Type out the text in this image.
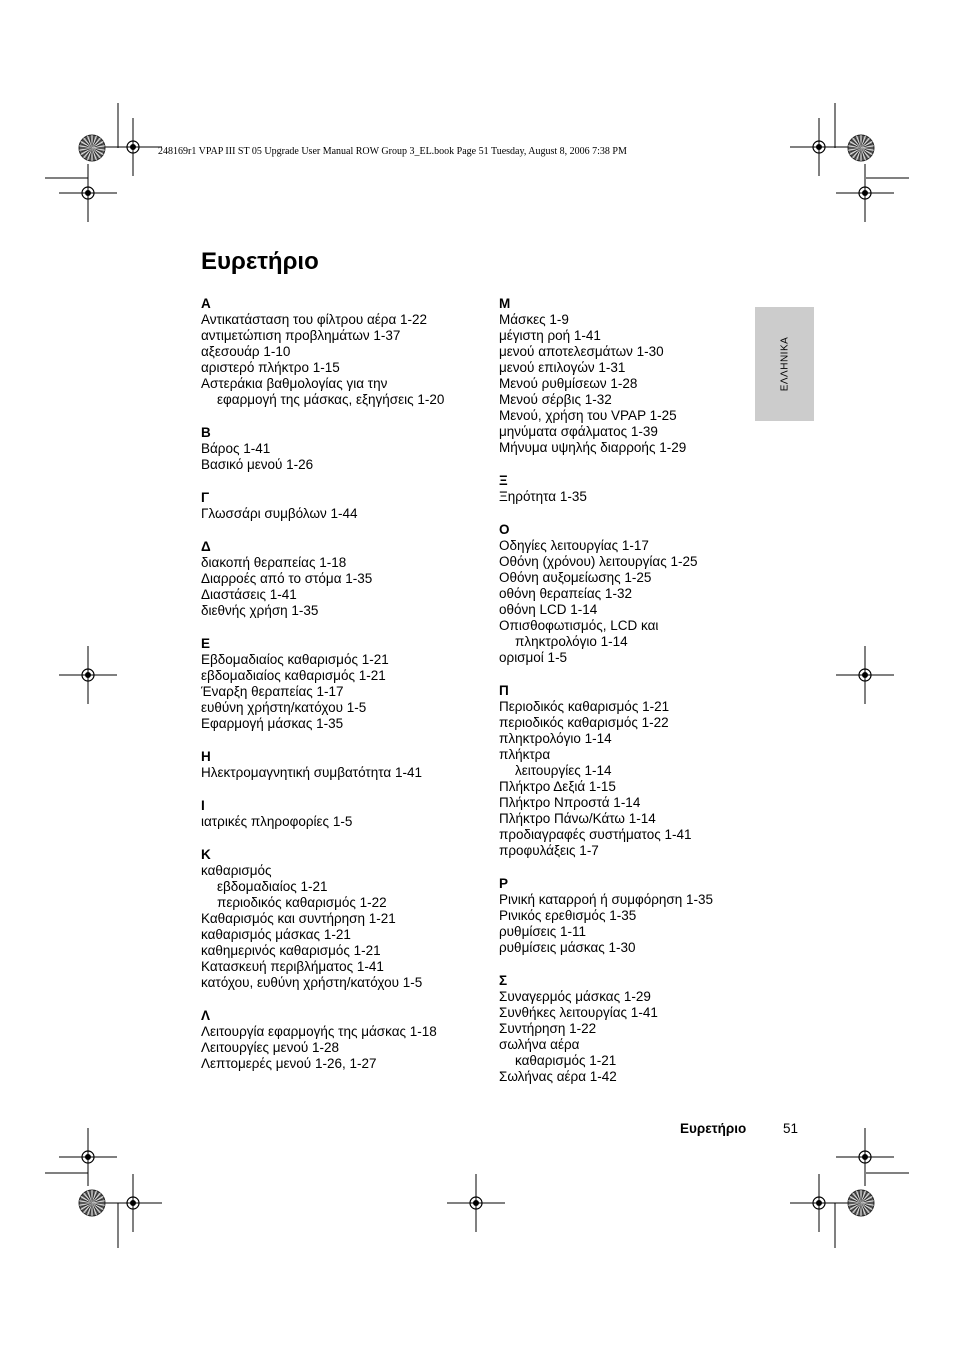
248169r1 VPAP III ST 05 Upgrade User Manual ROW Group 3_EL.book Page 51 Tuesday, August 8, 2006 7:38 PM
Ευρετήριο
Α
Αντικατάσταση του φίλτρου αέρα 1-22
αντιμετώπιση προβλημάτων 1-37
αξεσουάρ 1-10
αριστερό πλήκτρο 1-15
Αστεράκια βαθμολογίας για την
εφαρμογή της μάσκας, εξηγήσεις 1-20
Β
Βάρος 1-41
Βασικό μενού 1-26
Γ
Γλωσσάρι συμβόλων 1-44
Δ
διακοπή θεραπείας 1-18
Διαρροές από το στόμα 1-35
Διαστάσεις 1-41
διεθνής χρήση 1-35
Ε
Εβδομαδιαίος καθαρισμός 1-21
εβδομαδιαίος καθαρισμός 1-21
Έναρξη θεραπείας 1-17
ευθύνη χρήστη/κατόχου 1-5
Εφαρμογή μάσκας 1-35
Η
Ηλεκτρομαγνητική συμβατότητα 1-41
Ι
ιατρικές πληροφορίες 1-5
Κ
καθαρισμός
εβδομαδιαίος 1-21
περιοδικός καθαρισμός 1-22
Καθαρισμός και συντήρηση 1-21
καθαρισμός μάσκας 1-21
καθημερινός καθαρισμός 1-21
Κατασκευή περιβλήματος 1-41
κατόχου, ευθύνη χρήστη/κατόχου 1-5
Λ
Λειτουργία εφαρμογής της μάσκας 1-18
Λειτουργίες μενού 1-28
Λεπτομερές μενού 1-26, 1-27
Μ
Μάσκες 1-9
μέγιστη ροή 1-41
μενού αποτελεσμάτων 1-30
μενού επιλογών 1-31
Μενού ρυθμίσεων 1-28
Μενού σέρβις 1-32
Μενού, χρήση του VPAP 1-25
μηνύματα σφάλματος 1-39
Μήνυμα υψηλής διαρροής 1-29
Ξ
Ξηρότητα 1-35
Ο
Οδηγίες λειτουργίας 1-17
Οθόνη (χρόνου) λειτουργίας 1-25
Οθόνη αυξομείωσης 1-25
οθόνη θεραπείας 1-32
οθόνη LCD 1-14
Οπισθοφωτισμός, LCD και
πληκτρολόγιο 1-14
ορισμοί 1-5
Π
Περιοδικός καθαρισμός 1-21
περιοδικός καθαρισμός 1-22
πληκτρολόγιο 1-14
πλήκτρα
λειτουργίες 1-14
Πλήκτρο Δεξιά 1-15
Πλήκτρο Νπροστά 1-14
Πλήκτρο Πάνω/Κάτω 1-14
προδιαγραφές συστήματος 1-41
προφυλάξεις 1-7
Ρ
Ρινική καταρροή ή συμφόρηση 1-35
Ρινικός ερεθισμός 1-35
ρυθμίσεις 1-11
ρυθμίσεις μάσκας 1-30
Σ
Συναγερμός μάσκας 1-29
Συνθήκες λειτουργίας 1-41
Συντήρηση 1-22
σωλήνα αέρα
καθαρισμός 1-21
Σωλήνας αέρα 1-42
ΕΛΛΗΝΙΚΑ
Ευρετήριο	51
